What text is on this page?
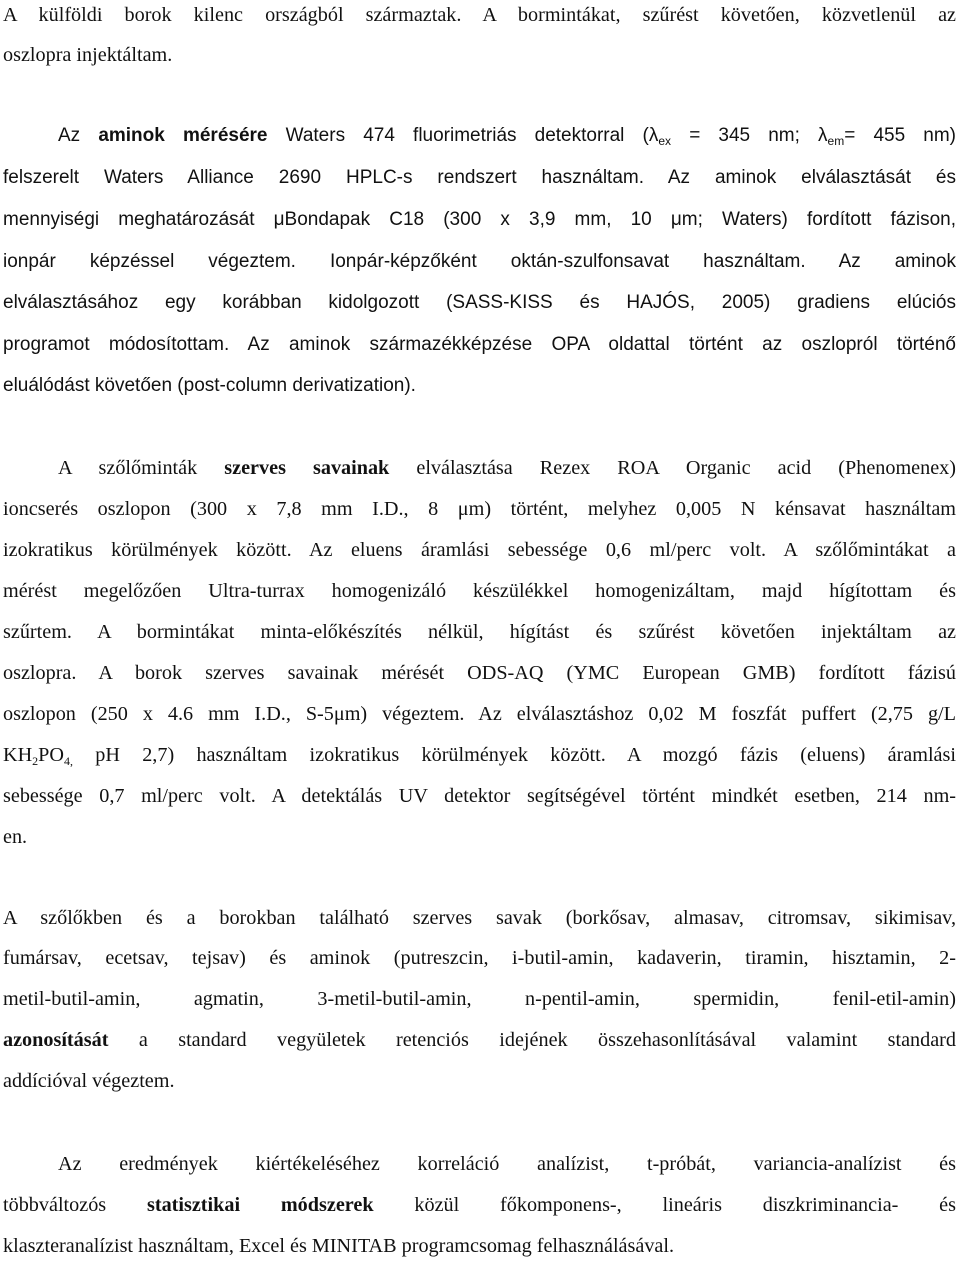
A külföldi borok kilenc országból származtak. A bormintákat, szűrést követően, közvetlenül az
oszlopra injektáltam.
Az aminok mérésére Waters 474 fluorimetriás detektorral ($\lambda_{ex} = 345$ nm; $\lambda_{em}= 455$ nm)
felszerelt Waters Alliance 2690 HPLC-s rendszert használtam. Az aminok elválasztását és
mennyiségi meghatározását μBondapak C18 (300 x 3,9 mm, 10 μm; Waters) fordított fázison,
ionpár képzéssel végeztem. Ionpár-képzőként oktán-szulfonsavat használtam. Az aminok
elválasztásához egy korábban kidolgozott (SASS-KISS és HAJÓS, 2005) gradiens elúciós
programot módosítottam. Az aminok származékképzése OPA oldattal történt az oszlopról történő
eluálódást követően (post-column derivatization).
A szőlőminták szerves savainak elválasztása Rezex ROA Organic acid (Phenomenex)
ioncserés oszlopon (300 x 7,8 mm I.D., 8 μm) történt, melyhez 0,005 N kénsavat használtam
izokratikus körülmények között. Az eluens áramlási sebessége 0,6 ml/perc volt. A szőlőmintákat a
mérést megelőzően Ultra-turrax homogenizáló készülékkel homogenizáltam, majd hígítottam és
szűrtem. A bormintákat minta-előkészítés nélkül, hígítást és szűrést követően injektáltam az
oszlopra. A borok szerves savainak mérését ODS-AQ (YMC European GMB) fordított fázisú
oszlopon (250 x 4.6 mm I.D., S-5μm) végeztem. Az elválasztáshoz 0,02 M foszfát puffert (2,75 g/L
$KH_2PO_{4,}$ pH 2,7) használtam izokratikus körülmények között. A mozgó fázis (eluens) áramlási
sebessége 0,7 ml/perc volt. A detektálás UV detektor segítségével történt mindkét esetben, 214 nm-
en.
A szőlőkben és a borokban található szerves savak (borkősav, almasav, citromsav, sikimisav,
fumársav, ecetsav, tejsav) és aminok (putreszcin, i-butil-amin, kadaverin, tiramin, hisztamin, 2-
metil-butil-amin, agmatin, 3-metil-butil-amin, n-pentil-amin, spermidin, fenil-etil-amin)
azonosítását a standard vegyületek retenciós idejének összehasonlításával valamint standard
addícióval végeztem.
Az eredmények kiértékeléséhez korreláció analízist, t-próbát, variancia-analízist és
többváltozós statisztikai módszerek közül főkomponens-, lineáris diszkriminancia- és
klaszteranalízist használtam, Excel és MINITAB programcsomag felhasználásával.
